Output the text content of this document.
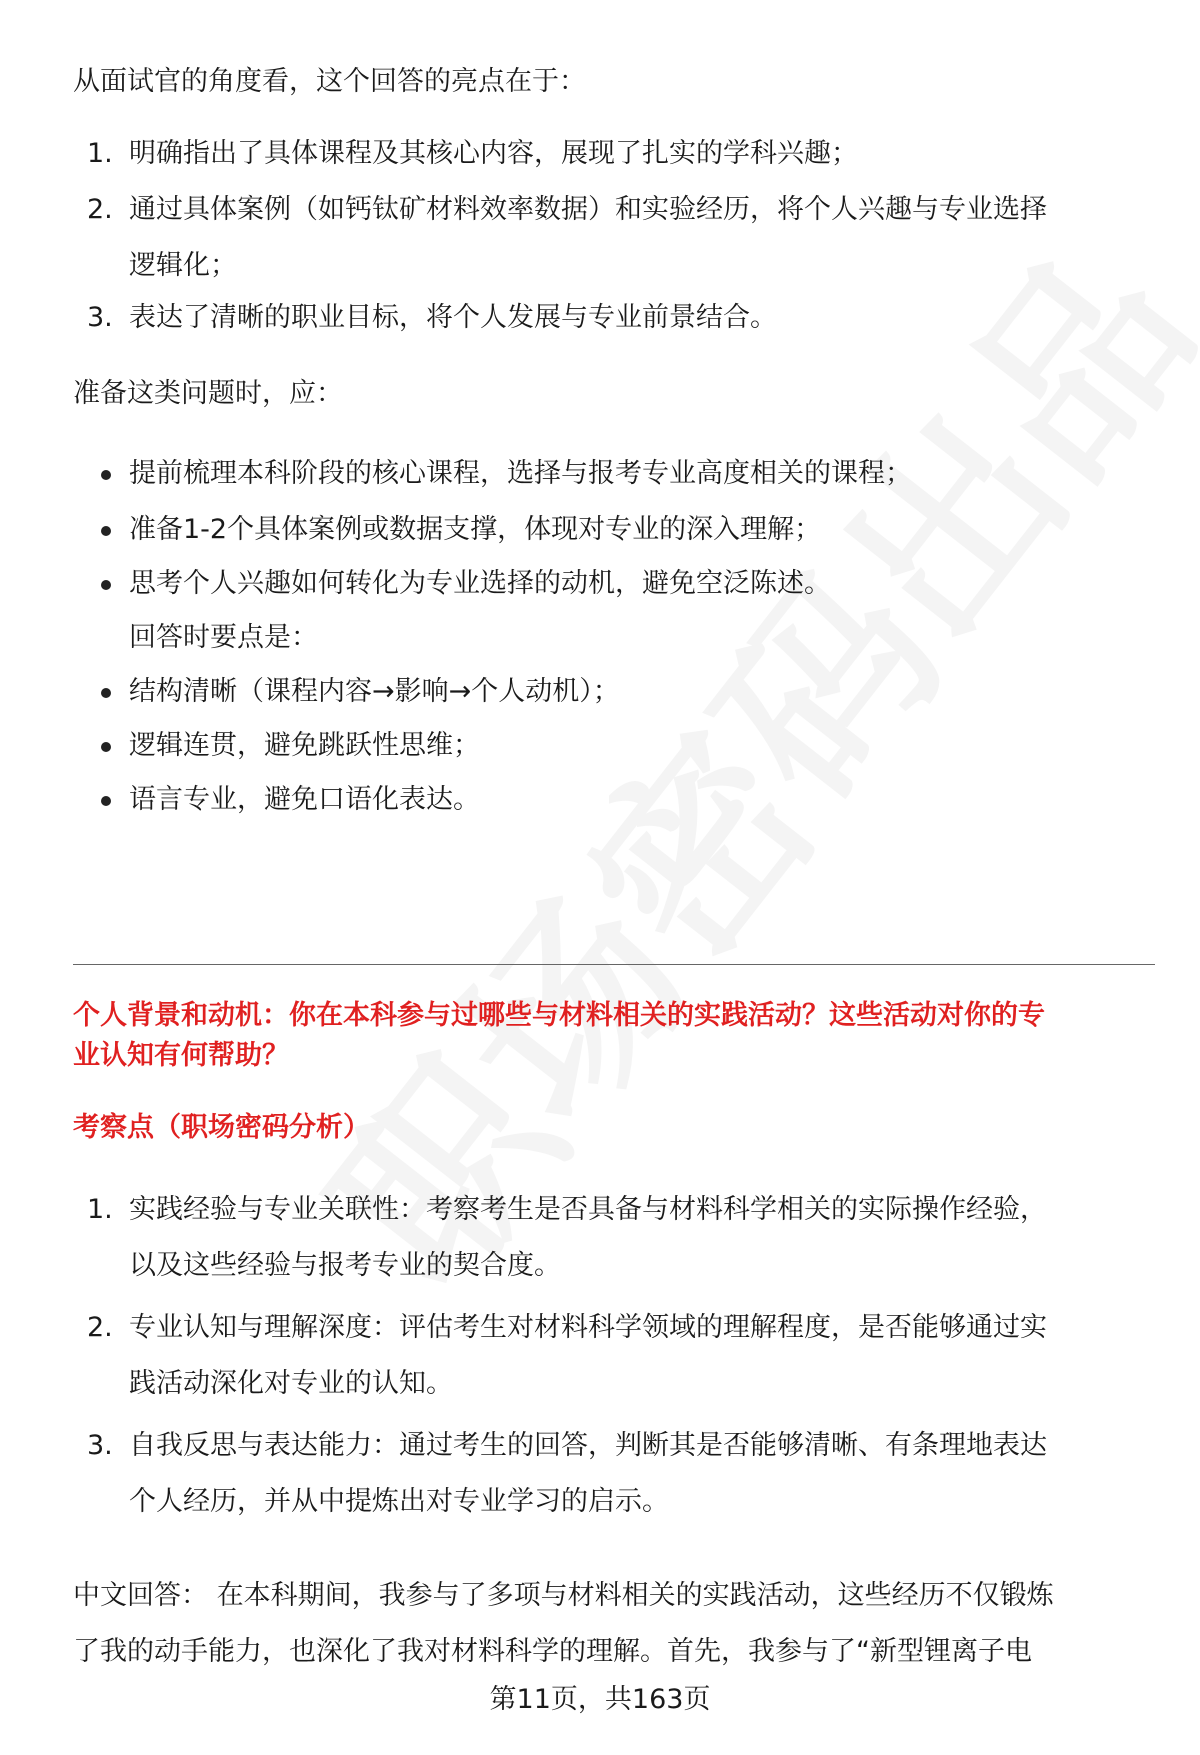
从面试官的角度看，这个回答的亮点在于：
1. 明确指出了具体课程及其核心内容，展现了扎实的学科兴趣；
2. 通过具体案例（如钙钛矿材料效率数据）和实验经历，将个人兴趣与专业选择
逻辑化；
3. 表达了清晰的职业目标，将个人发展与专业前景结合。
准备这类问题时，应：
提前梳理本科阶段的核心课程，选择与报考专业高度相关的课程；
准备1-2个具体案例或数据支撑，体现对专业的深入理解；
思考个人兴趣如何转化为专业选择的动机，避免空泛陈述。
回答时要点是：
结构清晰（课程内容→影响→个人动机）；
逻辑连贯，避免跳跃性思维；
语言专业，避免口语化表达。
个人背景和动机：你在本科参与过哪些与材料相关的实践活动？这些活动对你的专
业认知有何帮助？
考察点（职场密码分析）
1. 实践经验与专业关联性：考察考生是否具备与材料科学相关的实际操作经验，
以及这些经验与报考专业的契合度。
2. 专业认知与理解深度：评估考生对材料科学领域的理解程度，是否能够通过实
践活动深化对专业的认知。
3. 自我反思与表达能力：通过考生的回答，判断其是否能够清晰、有条理地表达
个人经历，并从中提炼出对专业学习的启示。
中文回答： 在本科期间，我参与了多项与材料相关的实践活动，这些经历不仅锻炼
了我的动手能力，也深化了我对材料科学的理解。首先，我参与了“新型锂离子电
第11页，共163页
